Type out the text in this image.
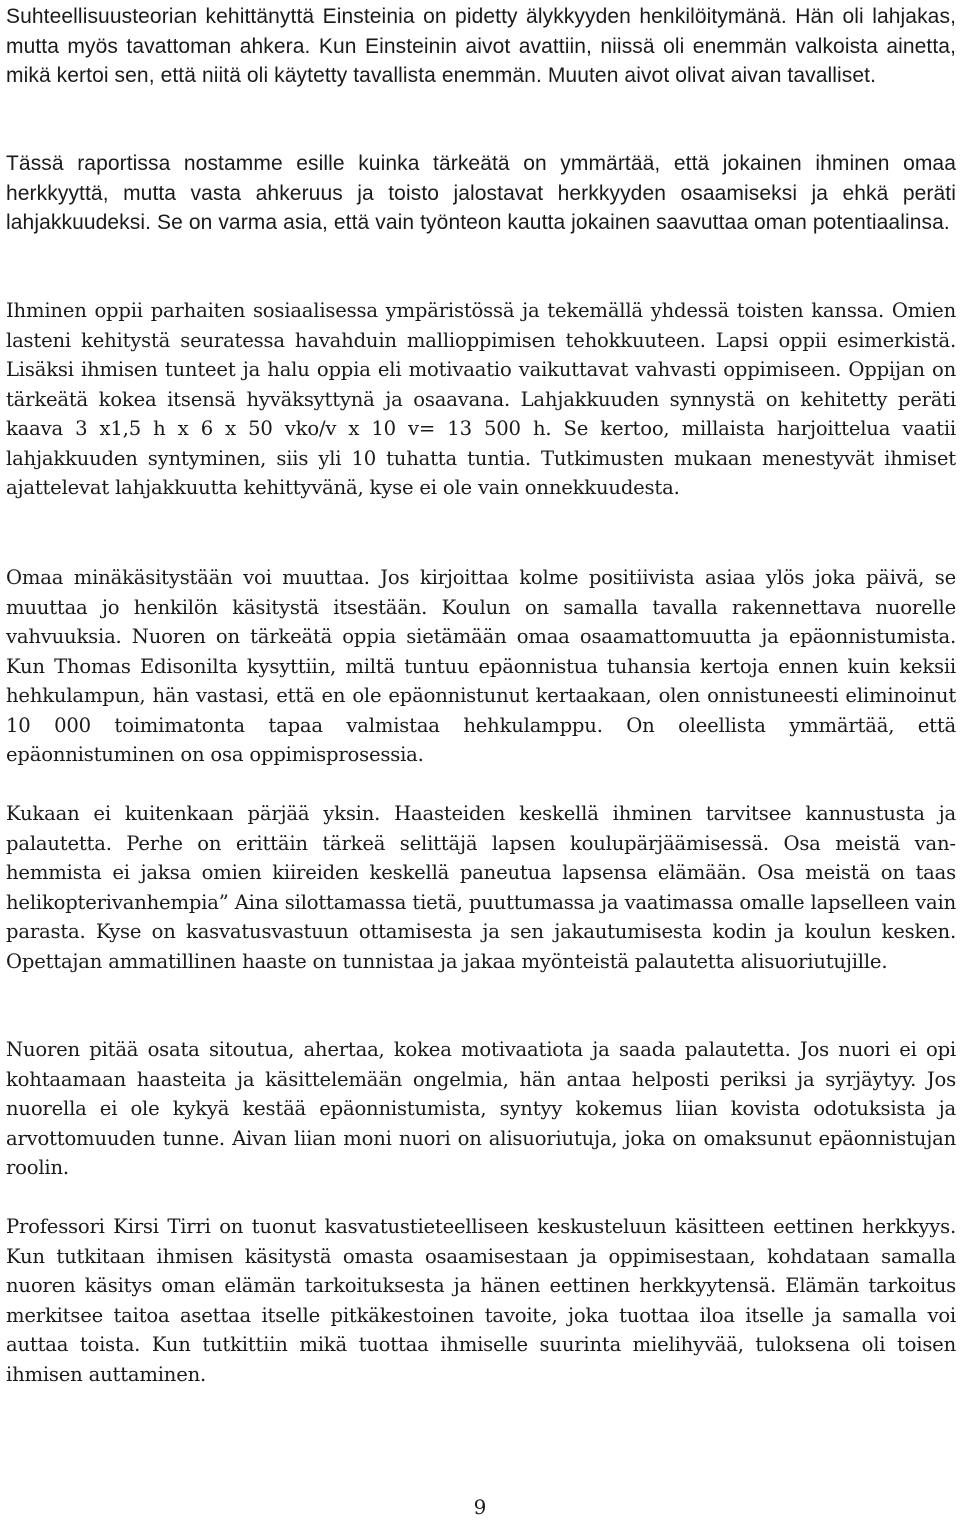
Suhteellisuusteorian kehittänyttä Einsteinia on pidetty älykkyyden henkilöitymänä. Hän oli lahjakas, mutta myös tavattoman ahkera. Kun Einsteinin aivot avattiin, niissä oli enemmän valkoista ainetta, mikä kertoi sen, että niitä oli käytetty tavallista enemmän. Muuten aivot olivat aivan tavalliset.

Tässä raportissa nostamme esille kuinka tärkeätä on ymmärtää, että jokainen ihminen omaa herkkyyttä, mutta vasta ahkeruus ja toisto jalostavat herkkyyden osaamiseksi ja ehkä peräti lahjakkuudeksi. Se on varma asia, että vain työnteon kautta jokainen saavuttaa oman potentiaalinsa.

Ihminen oppii parhaiten sosiaalisessa ympäristössä ja tekemällä yhdessä toisten kanssa. Omien lasteni kehitystä seuratessa havahduin mallioppimisen tehokkuuteen. Lapsi oppii esimerkistä. Lisäksi ihmisen tunteet ja halu oppia eli motivaatio vaikuttavat vahvasti oppimiseen. Oppijan on tärkeätä kokea itsensä hyväksyttynä ja osaavana. Lahjakkuuden synnystä on kehitetty peräti kaava 3 x1,5 h x 6 x 50 vko/v x 10 v= 13 500 h. Se kertoo, millaista harjoittelua vaatii lahjakkuuden syntyminen, siis yli 10 tuhatta tuntia. Tutkimusten mukaan menestyvät ihmiset ajattelevat lahjakkuutta kehittyvänä, kyse ei ole vain onnekkuudesta.

Omaa minäkäsitystään voi muuttaa. Jos kirjoittaa kolme positiivista asiaa ylös joka päivä, se muuttaa jo henkilön käsitystä itsestään. Koulun on samalla tavalla rakennettava nuorelle vahvuuksia. Nuoren on tärkeätä oppia sietämään omaa osaamattomuutta ja epäonnistumista. Kun Thomas Edisonilta kysyttiin, miltä tuntuu epäonnistua tuhansia kertoja ennen kuin keksii hehkulampun, hän vastasi, että en ole epäonnistunut kertaakaan, olen onnistuneesti eliminoinut 10 000 toimimatonta tapaa valmistaa hehkulamppu. On oleellista ymmärtää, että epäonnistuminen on osa oppimisprosessia.

Kukaan ei kuitenkaan pärjää yksin. Haasteiden keskellä ihminen tarvitsee kannustusta ja palautetta. Perhe on erittäin tärkeä selittäjä lapsen koulupärjäämisessä. Osa meistä vanhemmista ei jaksa omien kiireiden keskellä paneutua lapsensa elämään. Osa meistä on taas helikopterivanhempia” Aina silottamassa tietä, puuttumassa ja vaatimassa omalle lapselleen vain parasta. Kyse on kasvatusvastuun ottamisesta ja sen jakautumisesta kodin ja koulun kesken. Opettajan ammatillinen haaste on tunnistaa ja jakaa myönteistä palautetta alisuoriutujille.

Nuoren pitää osata sitoutua, ahertaa, kokea motivaatiota ja saada palautetta. Jos nuori ei opi kohtaamaan haasteita ja käsittelemään ongelmia, hän antaa helposti periksi ja syrjäytyy. Jos nuorella ei ole kykyä kestää epäonnistumista, syntyy kokemus liian kovista odotuksista ja arvottomuuden tunne. Aivan liian moni nuori on alisuoriutuja, joka on omaksunut epäonnistujan roolin.

Professori Kirsi Tirri on tuonut kasvatustieteelliseen keskusteluun käsitteen eettinen herkkyys. Kun tutkitaan ihmisen käsitystä omasta osaamisestaan ja oppimisestaan, kohdataan samalla nuoren käsitys oman elämän tarkoituksesta ja hänen eettinen herkkyytensä. Elämän tarkoitus merkitsee taitoa asettaa itselle pitkäkestoinen tavoite, joka tuottaa iloa itselle ja samalla voi auttaa toista. Kun tutkittiin mikä tuottaa ihmiselle suurinta mielihyvää, tuloksena oli toisen ihmisen auttaminen.

9
